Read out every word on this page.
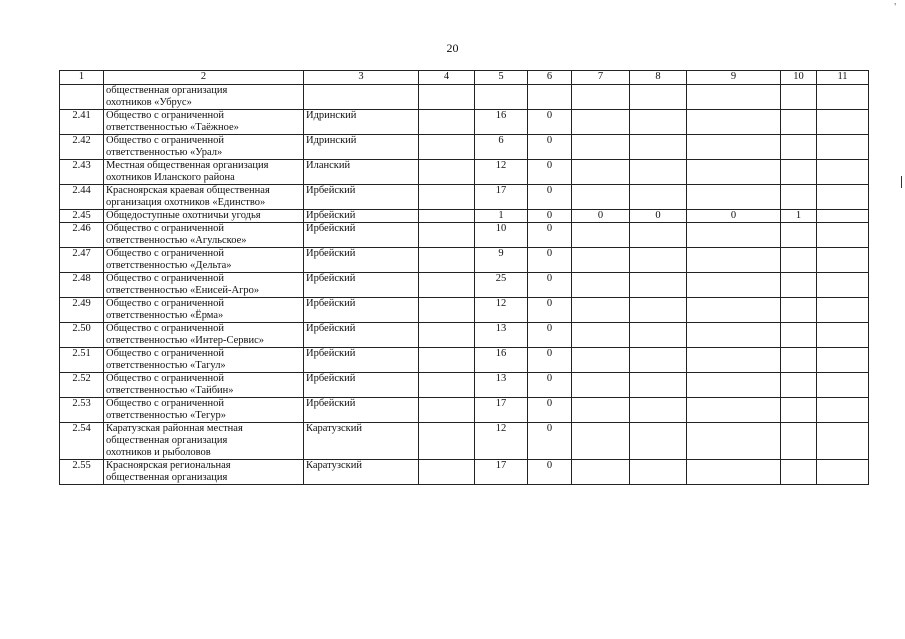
20
'
1	2	3	4	5	6	7	8	9	10	11

	общественная организация
охотников «Убрус»									

2.41	Общество с ограниченной
ответственностью «Таёжное»	Идринский		16	0					
2.42	Общество с ограниченной
ответственностью «Урал»	Идринский		6	0					
2.43	Местная общественная организация
охотников Иланского района	Иланский		12	0					
2.44	Красноярская краевая общественная
организация охотников «Единство»	Ирбейский		17	0					
2.45	Общедоступные охотничьи угодья	Ирбейский		1	0	0	0	0	1	
2.46	Общество с ограниченной
ответственностью «Агульское»	Ирбейский		10	0					
2.47	Общество с ограниченной
ответственностью «Дельта»	Ирбейский		9	0					
2.48	Общество с ограниченной
ответственностью «Енисей-Агро»	Ирбейский		25	0					
2.49	Общество с ограниченной
ответственностью «Ёрма»	Ирбейский		12	0					
2.50	Общество с ограниченной
ответственностью «Интер-Сервис»	Ирбейский		13	0					
2.51	Общество с ограниченной
ответственностью «Тагул»	Ирбейский		16	0					
2.52	Общество с ограниченной
ответственностью «Тайбин»	Ирбейский		13	0					
2.53	Общество с ограниченной
ответственностью «Тегур»	Ирбейский		17	0					
2.54	Каратузская районная местная
общественная организация
охотников и рыболовов	Каратузский		12	0					
2.55	Красноярская региональная
общественная организация	Каратузский		17	0					
